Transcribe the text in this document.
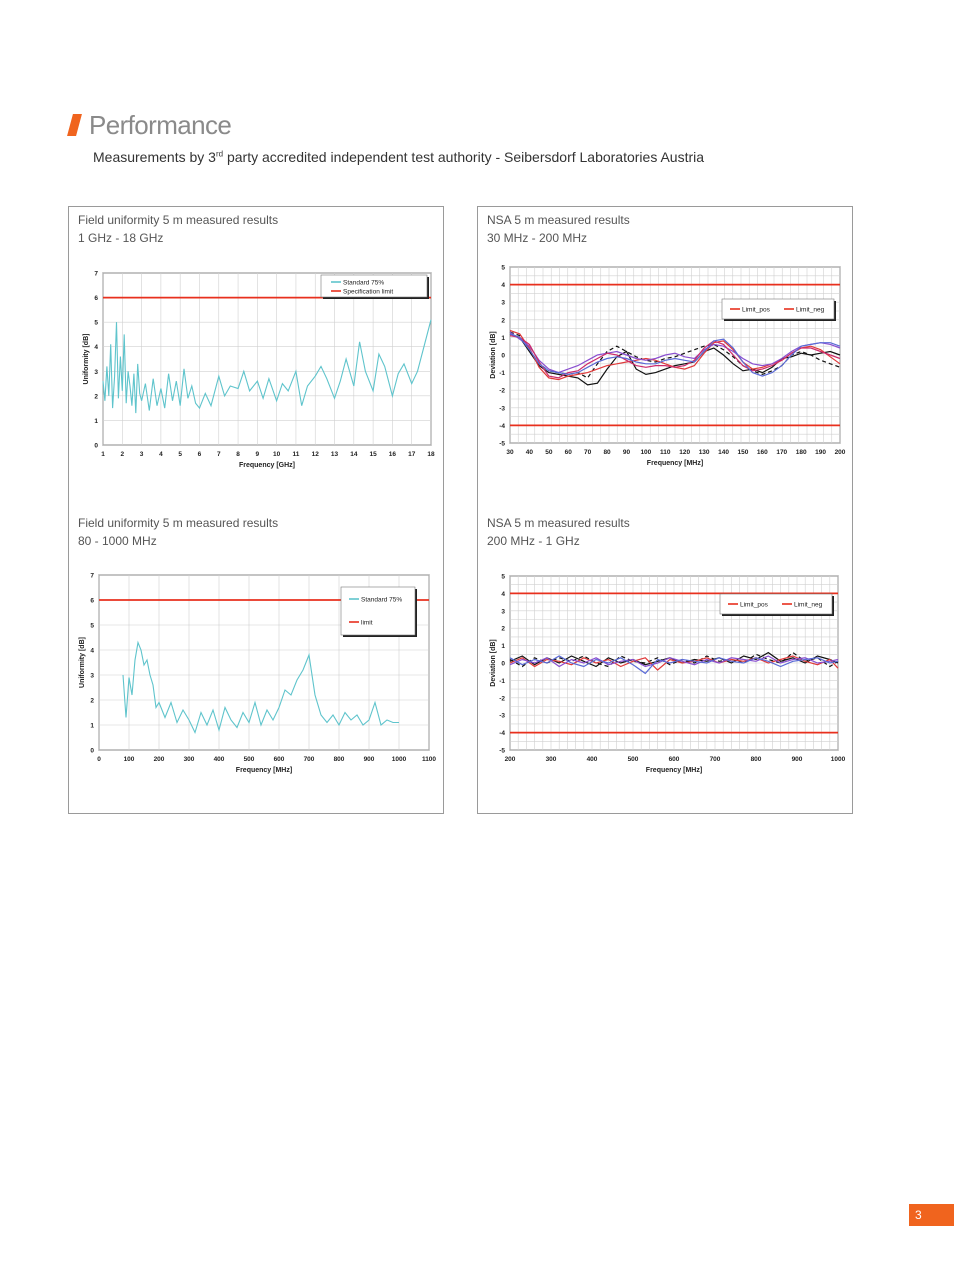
Performance
Measurements by 3rd party accredited independent test authority - Seibersdorf Laboratories Austria
Field uniformity 5 m measured results
1 GHz - 18 GHz
1 2 3 4 5 6 7 8 9 10 11 12 13 14 15 16 17 18
0
1
2
3
4
5
6
7
Frequency [GHz]
Uniformity [dB]
Standard 75%
Specification limit
Field uniformity 5 m measured results
80 - 1000 MHz
0	100	200	300	400	500	600	700	800	900	1000 1100
0
1
2
3
4
5
6
7
Frequency [MHz]
Uniformity [dB]
Standard 75%
limit
NSA 5 m measured results
30 MHz - 200 MHz
30 40 50 60 70 80 90 100 110 120 130 140 150 160 170 180 190 200
-5
-4
-3
-2
-1
0
1
2
3
4
5
Frequency [MHz]
Deviation [dB]
Limit_pos	Limit_neg
NSA 5 m measured results
200 MHz - 1 GHz
200	300	400	500	600	700	800	900	1000
-5
-4
-3
-2
-1
0
1
2
3
4
5
Frequency [MHz]
Deviation [dB]
Limit_pos	Limit_neg
3
